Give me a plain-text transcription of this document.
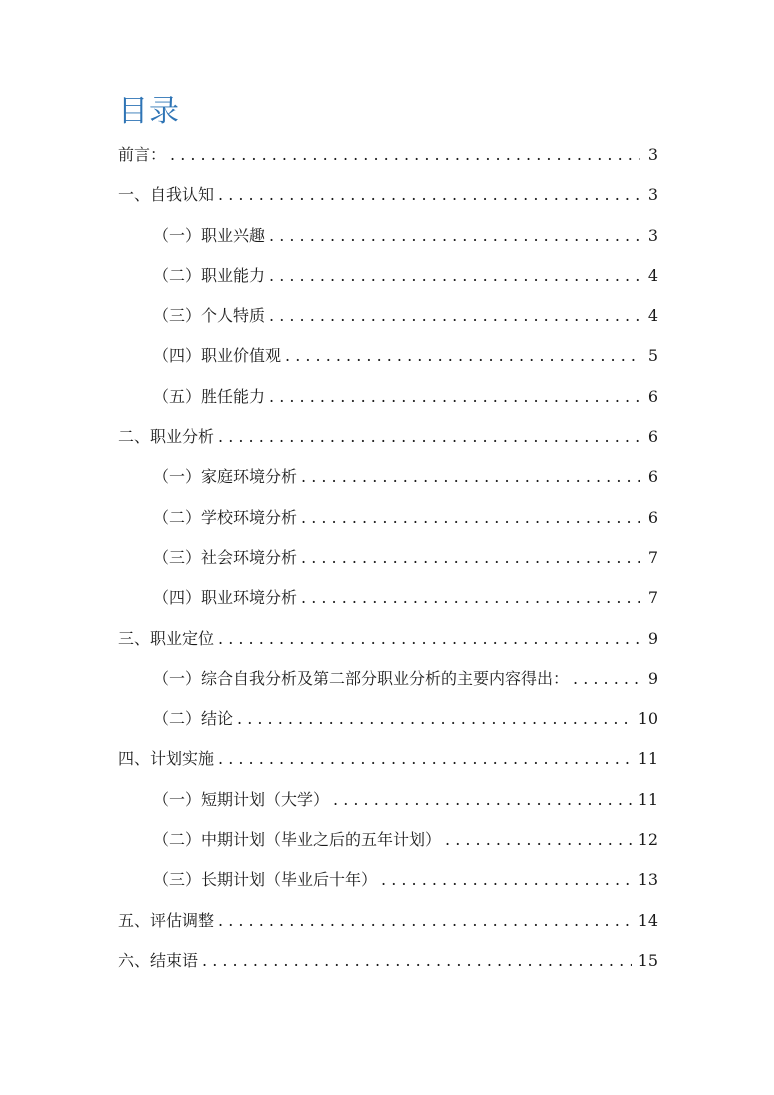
目录
前言： . . .	3
一、自我认知 . . .	3
（一）职业兴趣 . . .	3
（二）职业能力 . . .	4
（三）个人特质 . . .	4
（四）职业价值观 . . .	5
（五）胜任能力 . . .	6
二、职业分析 . . .	6
（一）家庭环境分析 . . .	6
（二）学校环境分析 . . .	6
（三）社会环境分析 . . .	7
（四）职业环境分析 . . .	7
三、职业定位 . . .	9
（一）综合自我分析及第二部分职业分析的主要内容得出： . . .	9
（二）结论 . . .	10
四、计划实施 . . .	11
（一）短期计划（大学） . . .	11
（二）中期计划（毕业之后的五年计划） . . .	12
（三）长期计划（毕业后十年） . . .	13
五、评估调整 . . .	14
六、结束语 . . .	15
